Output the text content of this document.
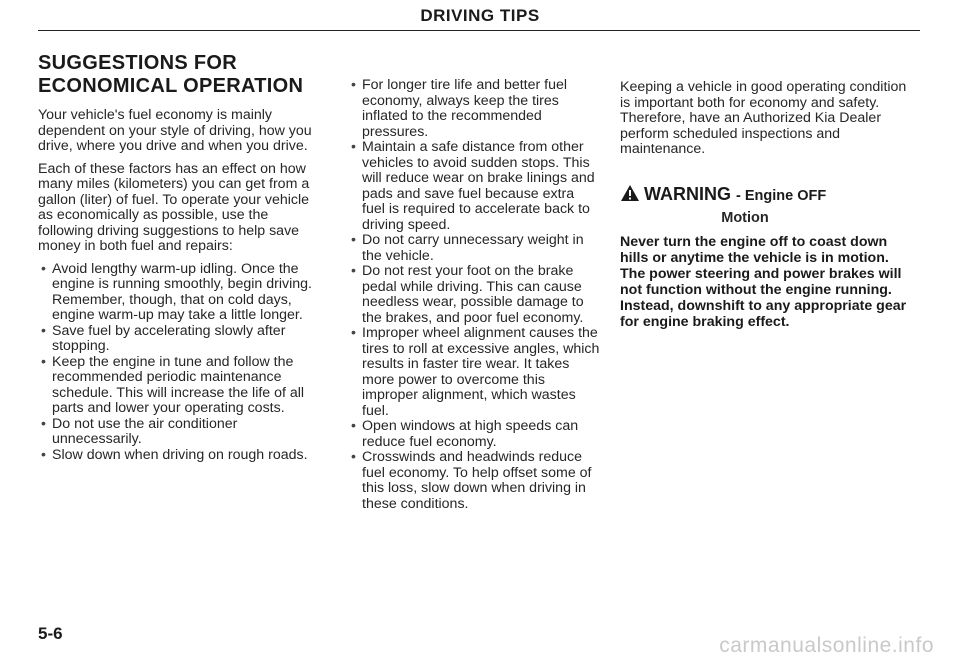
DRIVING TIPS
SUGGESTIONS FOR ECONOMICAL OPERATION

Your vehicle's fuel economy is mainly dependent on your style of driving, how you drive, where you drive and when you drive.

Each of these factors has an effect on how many miles (kilometers) you can get from a gallon (liter) of fuel. To operate your vehicle as economically as possible, use the following driving suggestions to help save money in both fuel and repairs:

• Avoid lengthy warm-up idling. Once the engine is running smoothly, begin driving. Remember, though, that on cold days, engine warm-up may take a little longer.
• Save fuel by accelerating slowly after stopping.
• Keep the engine in tune and follow the recommended periodic maintenance schedule. This will increase the life of all parts and lower your operating costs.
• Do not use the air conditioner unnecessarily.
• Slow down when driving on rough roads.
• For longer tire life and better fuel economy, always keep the tires inflated to the recommended pressures.
• Maintain a safe distance from other vehicles to avoid sudden stops. This will reduce wear on brake linings and pads and save fuel because extra fuel is required to accelerate back to driving speed.
• Do not carry unnecessary weight in the vehicle.
• Do not rest your foot on the brake pedal while driving. This can cause needless wear, possible damage to the brakes, and poor fuel economy.
• Improper wheel alignment causes the tires to roll at excessive angles, which results in faster tire wear. It takes more power to overcome this improper alignment, which wastes fuel.
• Open windows at high speeds can reduce fuel economy.
• Crosswinds and headwinds reduce fuel economy. To help offset some of this loss, slow down when driving in these conditions.

Keeping a vehicle in good operating condition is important both for economy and safety. Therefore, have an Authorized Kia Dealer perform scheduled inspections and maintenance.

WARNING - Engine OFF
Motion
Never turn the engine off to coast down hills or anytime the vehicle is in motion. The power steering and power brakes will not function without the engine running. Instead, downshift to any appropriate gear for engine braking effect.
5-6
carmanualsonline.info
